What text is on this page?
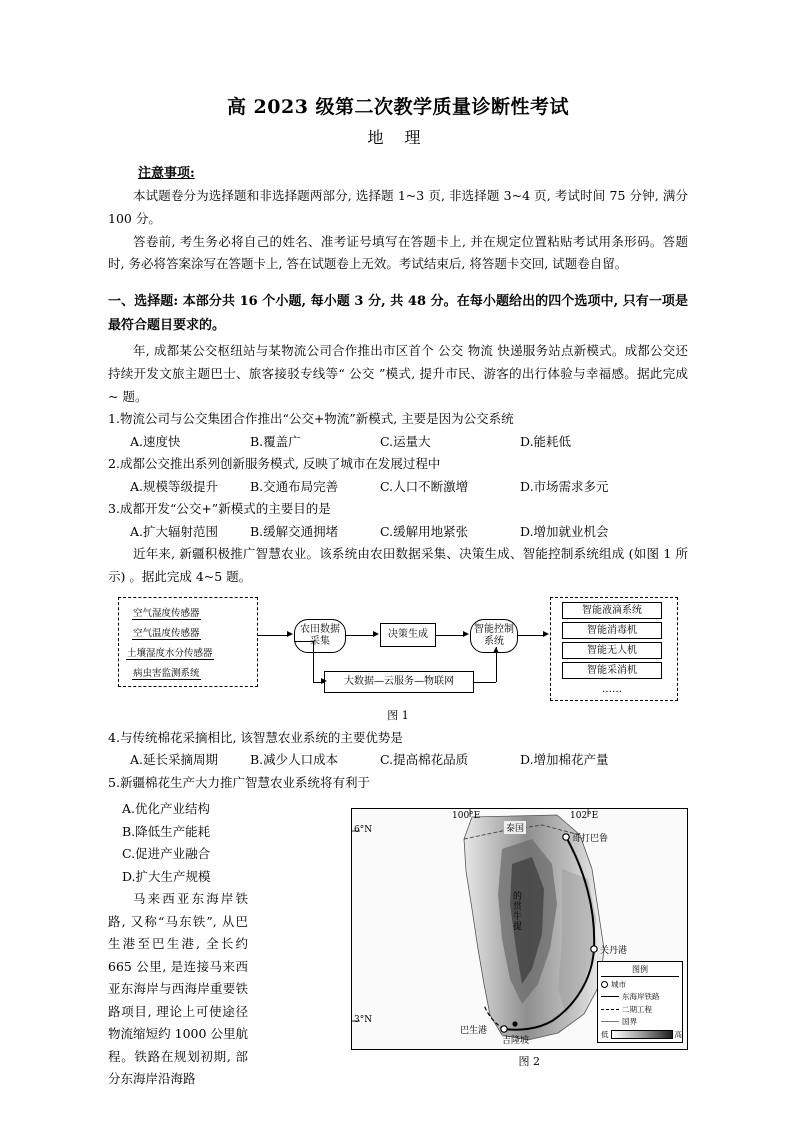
高 2023 级第二次教学质量诊断性考试
地 理
注意事项:
本试题卷分为选择题和非选择题两部分, 选择题 1~3 页, 非选择题 3~4 页, 考试时间 75 分钟, 满分 100 分。
答卷前, 考生务必将自己的姓名、准考证号填写在答题卡上, 并在规定位置粘贴考试用条形码。答题时, 务必将答案涂写在答题卡上, 答在试题卷上无效。考试结束后, 将答题卡交回, 试题卷自留。
一、选择题: 本部分共 16 个小题, 每小题 3 分, 共 48 分。在每小题给出的四个选项中, 只有一项是最符合题目要求的。
年, 成都某公交枢纽站与某物流公司合作推出市区首个 公交 物流 快递服务站点新模式。成都公交还持续开发文旅主题巴士、旅客接驳专线等“ 公交 ”模式, 提升市民、游客的出行体验与幸福感。据此完成 ~ 题。
1.物流公司与公交集团合作推出“公交+物流”新模式, 主要是因为公交系统
A.速度快	B.覆盖广	C.运量大	D.能耗低
2.成都公交推出系列创新服务模式, 反映了城市在发展过程中
A.规模等级提升	B.交通布局完善	C.人口不断激增	D.市场需求多元
3.成都开发“公交+”新模式的主要目的是
A.扩大辐射范围	B.缓解交通拥堵	C.缓解用地紧张	D.增加就业机会
近年来, 新疆积极推广智慧农业。该系统由农田数据采集、决策生成、智能控制系统组成 (如图 1 所示) 。据此完成 4~5 题。
空气湿度传感器
空气温度传感器
土壤湿度水分传感器
病虫害监测系统
农田数据采集
决策生成	智能控制系统
大数据—云服务—物联网
智能液滴系统
智能消毒机
智能无人机
智能采消机
……
图 1
4.与传统棉花采摘相比, 该智慧农业系统的主要优势是
A.延长采摘周期	B.减少人口成本	C.提高棉花品质	D.增加棉花产量
5.新疆棉花生产大力推广智慧农业系统将有利于
A.优化产业结构
B.降低生产能耗
C.促进产业融合
D.扩大生产规模
马来西亚东海岸铁路, 又称“马东铁”, 从巴生港至巴生港, 全长约 665 公里, 是连接马来西亚东海岸与西海岸重要铁路项目, 理论上可使途径物流缩短约 1000 公里航程。铁路在规划初期, 部分东海岸沿海路
100°E	102°E
6°N
3°N
泰国
哥打巴鲁
关丹港
巴生港
吉隆坡
的贯牛提
图例
城市
东海岸铁路
二期工程
国界
低	高
图 2
